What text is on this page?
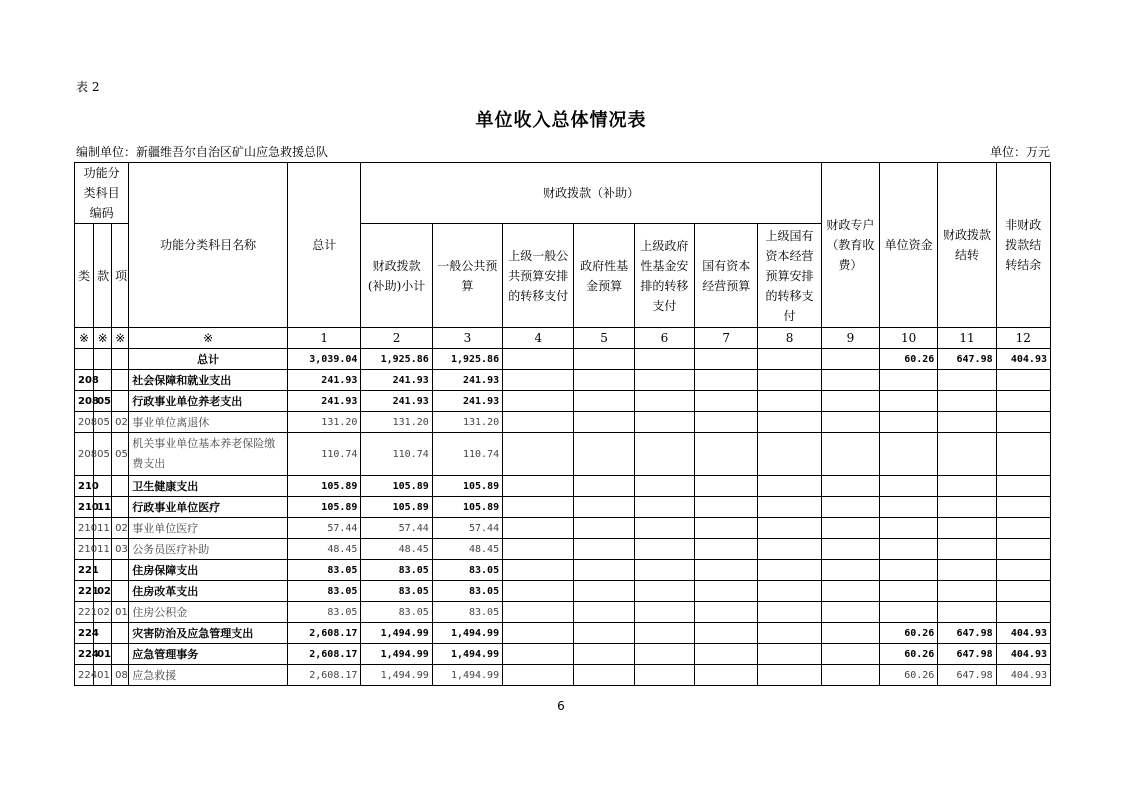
表 2
单位收入总体情况表
编制单位：新疆维吾尔自治区矿山应急救援总队	单位：万元
功能分类科目编码			功能分类科目名称	总计	财政拨款（补助）							财政专户（教育收费）	单位资金	财政拨款结转	非财政拨款结转结余
类	款	项			财政拨款(补助)小计	一般公共预算	上级一般公共预算安排的转移支付	政府性基金预算	上级政府性基金安排的转移支付	国有资本经营预算	上级国有资本经营预算安排的转移支付				
※	※	※	※	1	2	3	4	5	6	7	8	9	10	11	12
			总计	3,039.04	1,925.86	1,925.86							60.26	647.98	404.93
208			社会保障和就业支出	241.93	241.93	241.93									
208	05		行政事业单位养老支出	241.93	241.93	241.93									
208	05	02	事业单位离退休	131.20	131.20	131.20									
208	05	05	机关事业单位基本养老保险缴费支出	110.74	110.74	110.74									
210			卫生健康支出	105.89	105.89	105.89									
210	11		行政事业单位医疗	105.89	105.89	105.89									
210	11	02	事业单位医疗	57.44	57.44	57.44									
210	11	03	公务员医疗补助	48.45	48.45	48.45									
221			住房保障支出	83.05	83.05	83.05									
221	02		住房改革支出	83.05	83.05	83.05									
221	02	01	住房公积金	83.05	83.05	83.05									
224			灾害防治及应急管理支出	2,608.17	1,494.99	1,494.99							60.26	647.98	404.93
224	01		应急管理事务	2,608.17	1,494.99	1,494.99							60.26	647.98	404.93
224	01	08	应急救援	2,608.17	1,494.99	1,494.99							60.26	647.98	404.93
6
